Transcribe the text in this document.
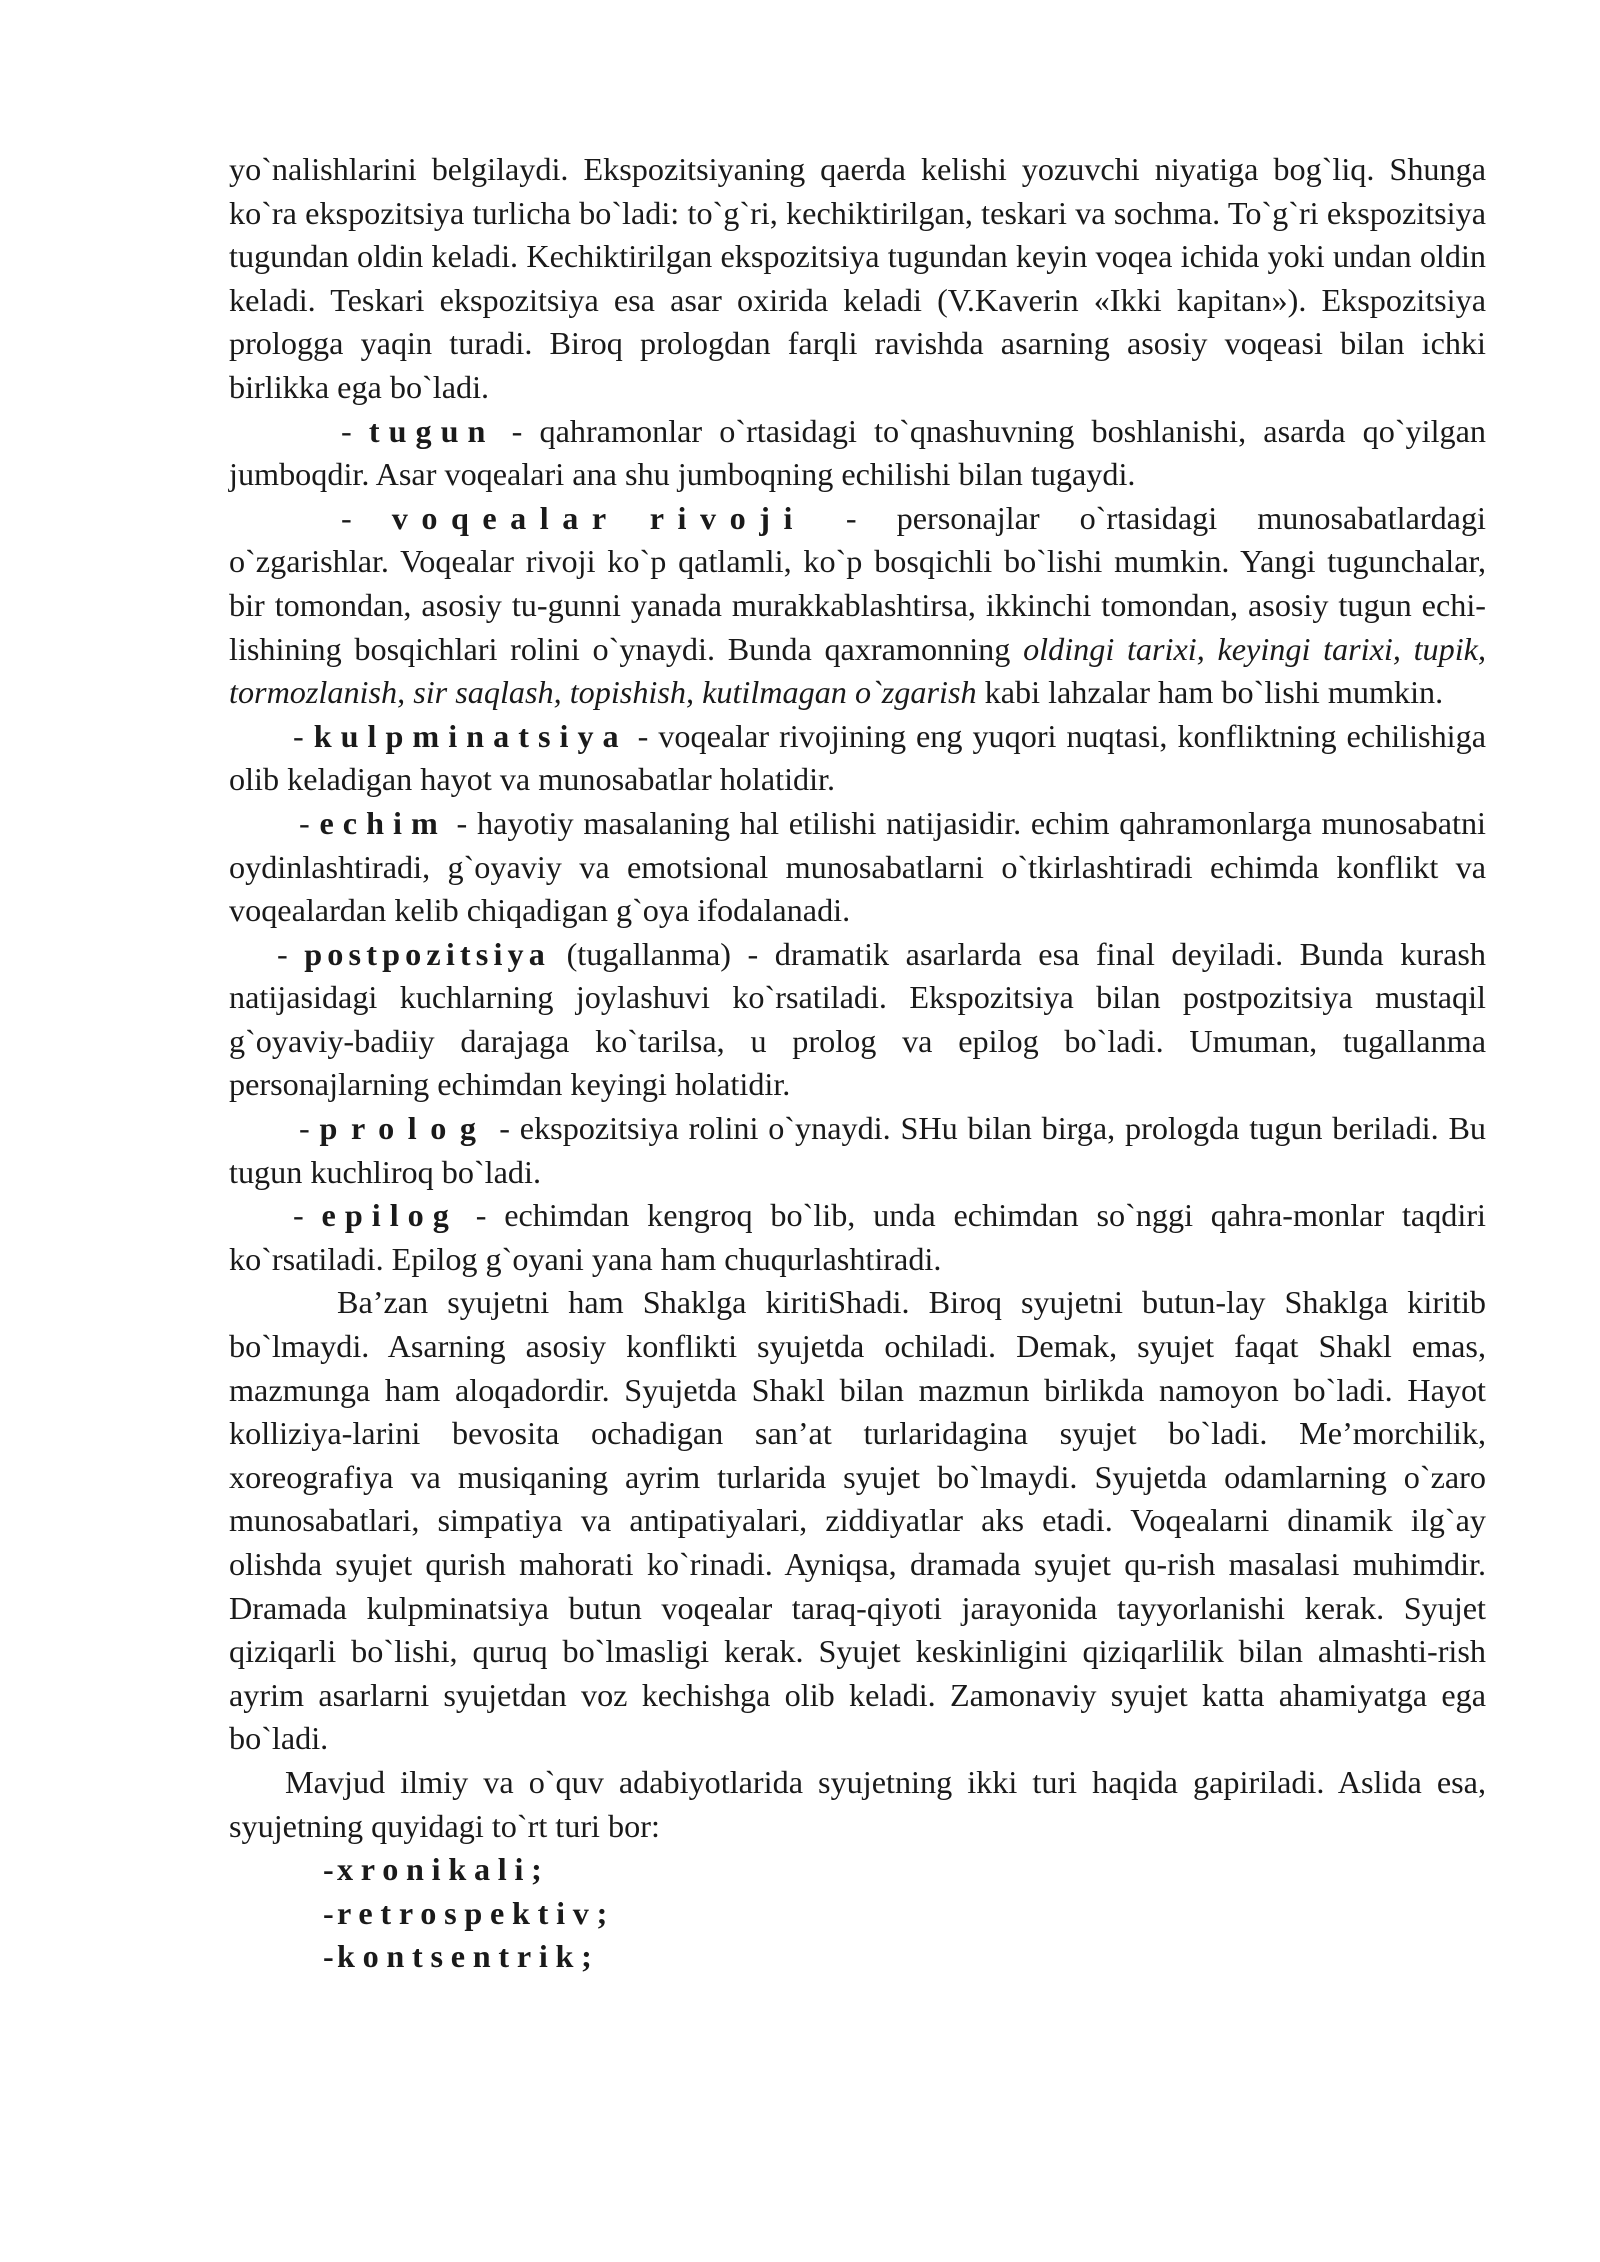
yo`nalishlarini belgilaydi. Ekspozitsiyaning qaerda kelishi yozuvchi niyatiga bog`liq. Shunga ko`ra ekspozitsiya turlicha bo`ladi: to`g`ri, kechiktirilgan, teskari va sochma. To`g`ri ekspozitsiya tugundan oldin keladi. Kechiktirilgan ekspozitsiya tugundan keyin voqea ichida yoki undan oldin keladi. Teskari ekspozitsiya esa asar oxirida keladi (V.Kaverin «Ikki kapitan»). Ekspozitsiya prologga yaqin turadi. Biroq prologdan farqli ravishda asarning asosiy voqeasi bilan ichki birlikka ega bo`ladi.

- tugun - qahramonlar o`rtasidagi to`qnashuvning boshlanishi, asarda qo`yilgan jumboqdir. Asar voqealari ana shu jumboqning echilishi bilan tugaydi.

- voqealar rivoji - personajlar o`rtasidagi munosabatlardagi o`zgarishlar. Voqealar rivoji ko`p qatlamli, ko`p bosqichli bo`lishi mumkin. Yangi tugunchalar, bir tomondan, asosiy tu-gunni yanada murakkablashtirsa, ikkinchi tomondan, asosiy tugun echi-lishining bosqichlari rolini o`ynaydi. Bunda qaxramonning oldingi tarixi, keyingi tarixi, tupik, tormozlanish, sir saqlash, topishish, kutilmagan o`zgarish kabi lahzalar ham bo`lishi mumkin.

- kulpminatsiya - voqealar rivojining eng yuqori nuqtasi, konfliktning echilishiga olib keladigan hayot va munosabatlar holatidir.

- echim - hayotiy masalaning hal etilishi natijasidir. echim qahramonlarga munosabatni oydinlashtiradi, g`oyaviy va emotsional munosabatlarni o`tkirlashtiradi echimda konflikt va voqealardan kelib chiqadigan g`oya ifodalanadi.

- postpozitsiya (tugallanma) - dramatik asarlarda esa final deyiladi. Bunda kurash natijasidagi kuchlarning joylashuvi ko`rsatiladi. Ekspozitsiya bilan postpozitsiya mustaqil g`oyaviy-badiiy darajaga ko`tarilsa, u prolog va epilog bo`ladi. Umuman, tugallanma personajlarning echimdan keyingi holatidir.

- prolog - ekspozitsiya rolini o`ynaydi. SHu bilan birga, prologda tugun beriladi. Bu tugun kuchliroq bo`ladi.

- epilog - echimdan kengroq bo`lib, unda echimdan so`nggi qahra-monlar taqdiri ko`rsatiladi. Epilog g`oyani yana ham chuqurlashtiradi.

Ba’zan syujetni ham Shaklga kiritiShadi. Biroq syujetni butun-lay Shaklga kiritib bo`lmaydi. Asarning asosiy konflikti syujetda ochiladi. Demak, syujet faqat Shakl emas, mazmunga ham aloqadordir. Syujetda Shakl bilan mazmun birlikda namoyon bo`ladi. Hayot kolliziya-larini bevosita ochadigan san’at turlaridagina syujet bo`ladi. Me’morchilik, xoreografiya va musiqaning ayrim turlarida syujet bo`lmaydi. Syujetda odamlarning o`zaro munosabatlari, simpatiya va antipatiyalari, ziddiyatlar aks etadi. Voqealarni dinamik ilg`ay olishda syujet qurish mahorati ko`rinadi. Ayniqsa, dramada syujet qu-rish masalasi muhimdir. Dramada kulpminatsiya butun voqealar taraq-qiyoti jarayonida tayyorlanishi kerak. Syujet qiziqarli bo`lishi, quruq bo`lmasligi kerak. Syujet keskinligini qiziqarlilik bilan almashti-rish ayrim asarlarni syujetdan voz kechishga olib keladi. Zamonaviy syujet katta ahamiyatga ega bo`ladi.

Mavjud ilmiy va o`quv adabiyotlarida syujetning ikki turi haqida gapiriladi. Aslida esa, syujetning quyidagi to`rt turi bor:

-xronikali;

-retrospektiv;

-kontsentrik;
